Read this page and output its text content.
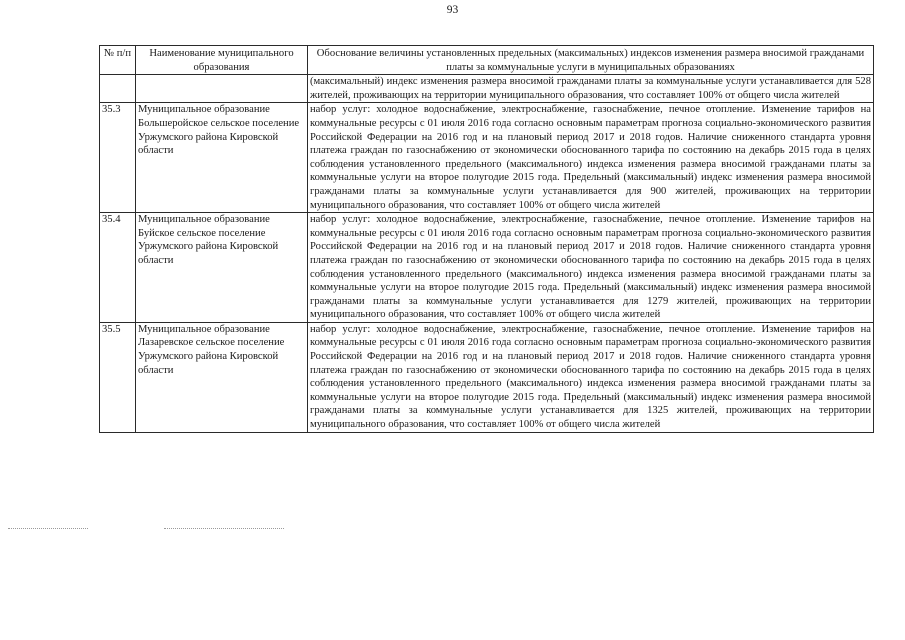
93
№ п/п	Наименование муниципального образования	Обоснование величины установленных предельных (максимальных) индексов изменения размера вносимой гражданами платы за коммунальные услуги в муниципальных образованиях
		(максимальный) индекс изменения размера вносимой гражданами платы за коммунальные услуги устанавливается для 528 жителей, проживающих на территории муниципального образования, что составляет 100% от общего числа жителей
35.3	Муниципальное образование Большеройское сельское поселение Уржумского района Кировской области	набор услуг: холодное водоснабжение, электроснабжение, газоснабжение, печное отопление. Изменение тарифов на коммунальные ресурсы с 01 июля 2016 года согласно основным параметрам прогноза социально-экономического развития Российской Федерации на 2016 год и на плановый период 2017 и 2018 годов. Наличие сниженного стандарта уровня платежа граждан по газоснабжению от экономически обоснованного тарифа по состоянию на декабрь 2015 года в целях соблюдения установленного предельного (максимального) индекса изменения размера вносимой гражданами платы за коммунальные услуги на второе полугодие 2015 года. Предельный (максимальный) индекс изменения размера вносимой гражданами платы за коммунальные услуги устанавливается для 900 жителей, проживающих на территории муниципального образования, что составляет 100% от общего числа жителей
35.4	Муниципальное образование Буйское сельское поселение Уржумского района Кировской области	набор услуг: холодное водоснабжение, электроснабжение, газоснабжение, печное отопление. Изменение тарифов на коммунальные ресурсы с 01 июля 2016 года согласно основным параметрам прогноза социально-экономического развития Российской Федерации на 2016 год и на плановый период 2017 и 2018 годов. Наличие сниженного стандарта уровня платежа граждан по газоснабжению от экономически обоснованного тарифа по состоянию на декабрь 2015 года в целях соблюдения установленного предельного (максимального) индекса изменения размера вносимой гражданами платы за коммунальные услуги на второе полугодие 2015 года. Предельный (максимальный) индекс изменения размера вносимой гражданами платы за коммунальные услуги устанавливается для 1279 жителей, проживающих на территории муниципального образования, что составляет 100% от общего числа жителей
35.5	Муниципальное образование Лазаревское сельское поселение Уржумского района Кировской области	набор услуг: холодное водоснабжение, электроснабжение, газоснабжение, печное отопление. Изменение тарифов на коммунальные ресурсы с 01 июля 2016 года согласно основным параметрам прогноза социально-экономического развития Российской Федерации на 2016 год и на плановый период 2017 и 2018 годов. Наличие сниженного стандарта уровня платежа граждан по газоснабжению от экономически обоснованного тарифа по состоянию на декабрь 2015 года в целях соблюдения установленного предельного (максимального) индекса изменения размера вносимой гражданами платы за коммунальные услуги на второе полугодие 2015 года. Предельный (максимальный) индекс изменения размера вносимой гражданами платы за коммунальные услуги устанавливается для 1325 жителей, проживающих на территории муниципального образования, что составляет 100% от общего числа жителей
